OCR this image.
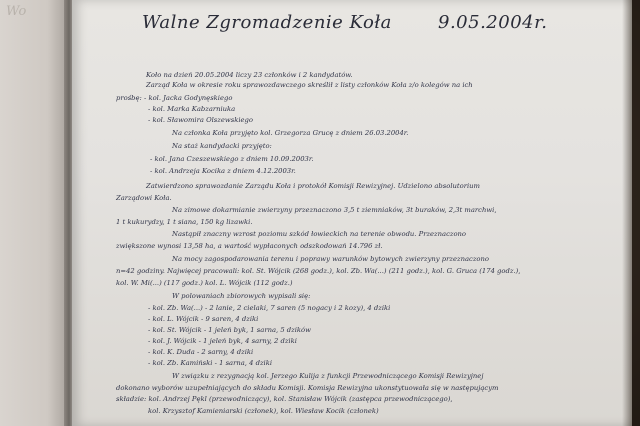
Wo
Walne Zgromadzenie Koła	9.05.2004r.
Koło na dzień 20.05.2004 liczy 23 członków i 2 kandydatów.
Zarząd Koła w okresie roku sprawozdawczego skreślił z listy członków Koła z/o kolegów na ich
prośbę: - kol. Jacka Godynęskiego
- kol. Marka Kabzarniuka
- kol. Sławomira Olszewskiego
Na członka Koła przyjęto kol. Grzegorza Grucę z dniem 26.03.2004r.
Na staż kandydacki przyjęto:
- kol. Jana Czeszewskiego z dniem 10.09.2003r.
- kol. Andrzeja Kocika z dniem 4.12.2003r.
Zatwierdzono sprawozdanie Zarządu Koła i protokół Komisji Rewizyjnej. Udzielono absolutorium
Zarządowi Koła.
Na zimowe dokarmianie zwierzyny przeznaczono 3,5 t ziemniaków, 3t buraków, 2,3t marchwi,
1 t kukurydzy, 1 t siana, 150 kg lizawki.
Nastąpił znaczny wzrost poziomu szkód łowieckich na terenie obwodu. Przeznaczono
zwiększone wynosi 13,58 ha, a wartość wypłaconych odszkodowań 14.796 zł.
Na mocy zagospodarowania terenu i poprawy warunków bytowych zwierzyny przeznaczono
n=42 godziny. Najwięcej pracowali: kol. St. Wójcik (268 godz.), kol. Zb. Wa(...) (211 godz.), kol. G. Gruca (174 godz.),
kol. W. Mi(...) (117 godz.) kol. L. Wójcik (112 godz.)
W polowaniach zbiorowych wypisali się:
- kol. Zb. Wa(...) - 2 lanie, 2 cielaki, 7 saren (5 nogacy i 2 kozy), 4 dziki
- kol. L. Wójcik - 9 saren, 4 dziki
- kol. St. Wójcik - 1 jeleń byk, 1 sarna, 5 dzików
- kol. J. Wójcik - 1 jeleń byk, 4 sarny, 2 dziki
- kol. K. Duda - 2 sarny, 4 dziki
- kol. Zb. Kamiński - 1 sarna, 4 dziki
W związku z rezygnacją kol. Jerzego Kulija z funkcji Przewodniczącego Komisji Rewizyjnej
dokonano wyborów uzupełniających do składu Komisji. Komisja Rewizyjna ukonstytuowała się w następującym
składzie: kol. Andrzej Pękl (przewodniczący), kol. Stanisław Wójcik (zastępca przewodniczącego),
kol. Krzysztof Kamieniarski (członek), kol. Wiesław Kocik (członek)
